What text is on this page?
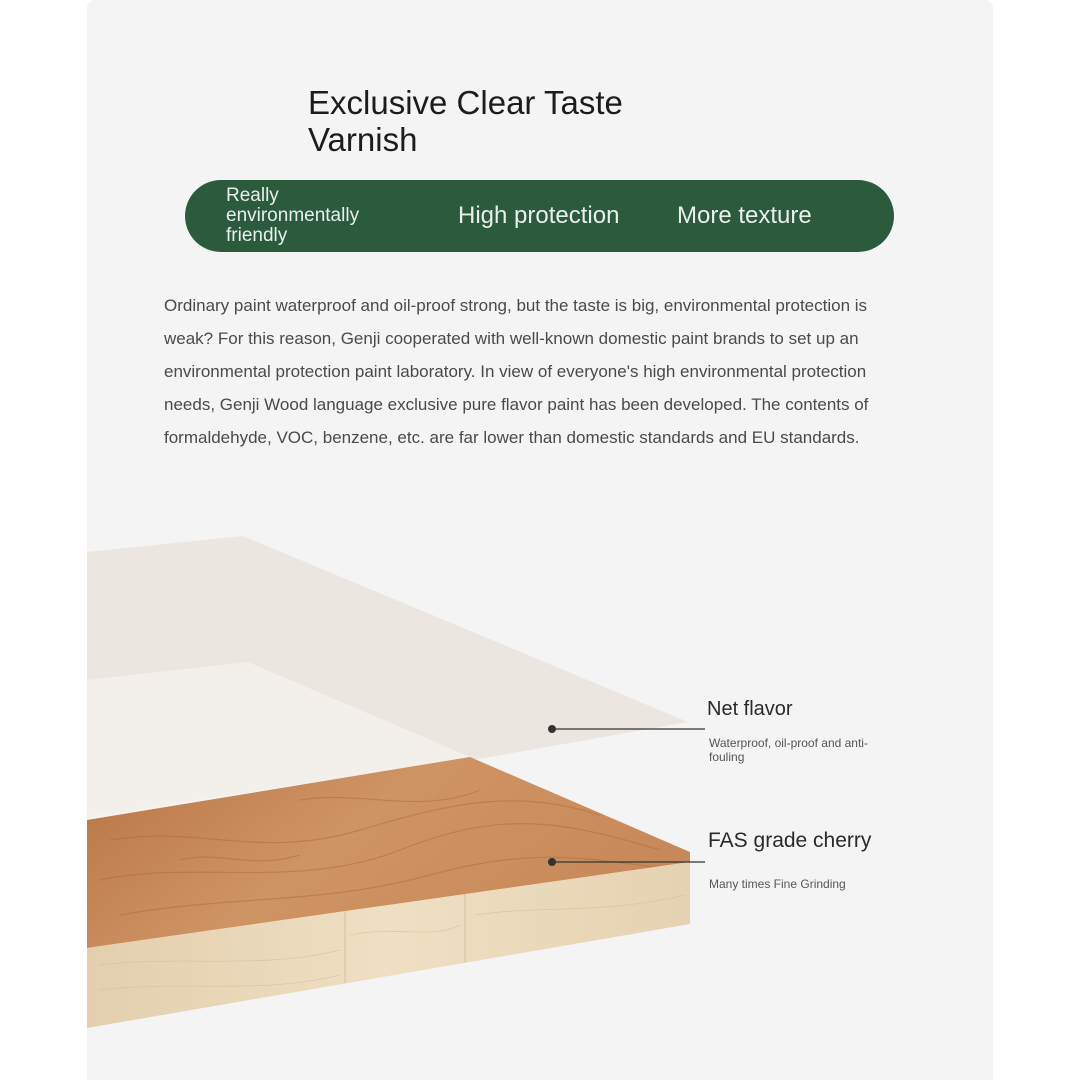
Exclusive Clear Taste Varnish
Really environmentally friendly
High protection More texture

Ordinary paint waterproof and oil-proof strong, but the taste is big, environmental protection is weak? For this reason, Genji cooperated with well-known domestic paint brands to set up an environmental protection paint laboratory. In view of everyone's high environmental protection needs, Genji Wood language exclusive pure flavor paint has been developed. The contents of formaldehyde, VOC, benzene, etc. are far lower than domestic standards and EU standards.

Net flavor
Waterproof, oil-proof and anti-fouling
FAS grade cherry
Many times Fine Grinding
